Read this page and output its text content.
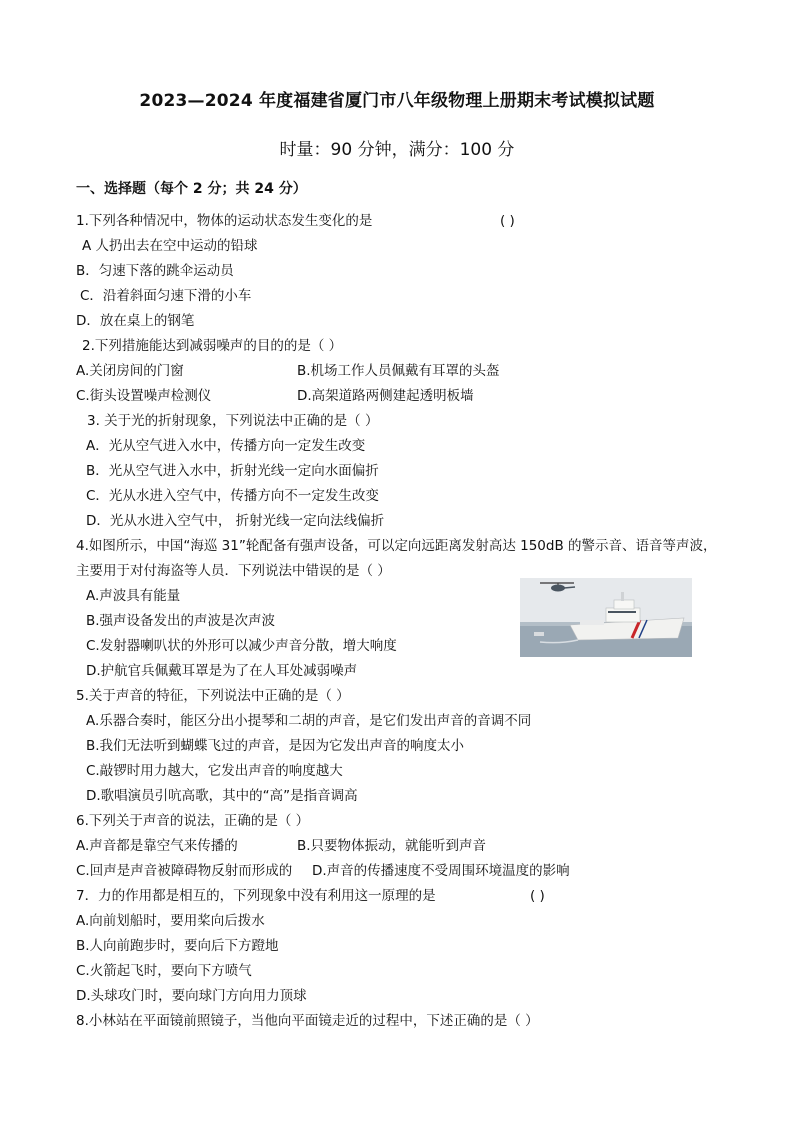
2023—2024 年度福建省厦门市八年级物理上册期末考试模拟试题
时量：90 分钟，满分：100 分
一、选择题（每个 2 分；共 24 分）
1.下列各种情况中，物体的运动状态发生变化的是	( )
A 人扔出去在空中运动的铅球
B．匀速下落的跳伞运动员
C．沿着斜面匀速下滑的小车
D．放在桌上的钢笔
2.下列措施能达到减弱噪声的目的的是（ ）
A.关闭房间的门窗	B.机场工作人员佩戴有耳罩的头盔
C.街头设置噪声检测仪	D.高架道路两侧建起透明板墙
3. 关于光的折射现象，下列说法中正确的是（ ）
A．光从空气进入水中，传播方向一定发生改变
B．光从空气进入水中，折射光线一定向水面偏折
C．光从水进入空气中，传播方向不一定发生改变
D．光从水进入空气中， 折射光线一定向法线偏折
4.如图所示，中国“海巡 31”轮配备有强声设备，可以定向远距离发射高达 150dB 的警示音、语音等声波，
主要用于对付海盗等人员．下列说法中错误的是（ ）
A.声波具有能量
B.强声设备发出的声波是次声波
C.发射器喇叭状的外形可以减少声音分散，增大响度
D.护航官兵佩戴耳罩是为了在人耳处减弱噪声
5.关于声音的特征，下列说法中正确的是（ ）
A.乐器合奏时，能区分出小提琴和二胡的声音，是它们发出声音的音调不同
B.我们无法听到蝴蝶飞过的声音，是因为它发出声音的响度太小
C.敲锣时用力越大，它发出声音的响度越大
D.歌唱演员引吭高歌，其中的“高”是指音调高
6.下列关于声音的说法，正确的是（ ）
A.声音都是靠空气来传播的	B.只要物体振动，就能听到声音
C.回声是声音被障碍物反射而形成的 D.声音的传播速度不受周围环境温度的影响
7．力的作用都是相互的，下列现象中没有利用这一原理的是	( )
A.向前划船时，要用桨向后拨水
B.人向前跑步时，要向后下方蹬地
C.火箭起飞时，要向下方喷气
D.头球攻门时，要向球门方向用力顶球
8.小林站在平面镜前照镜子，当他向平面镜走近的过程中，下述正确的是（ ）
